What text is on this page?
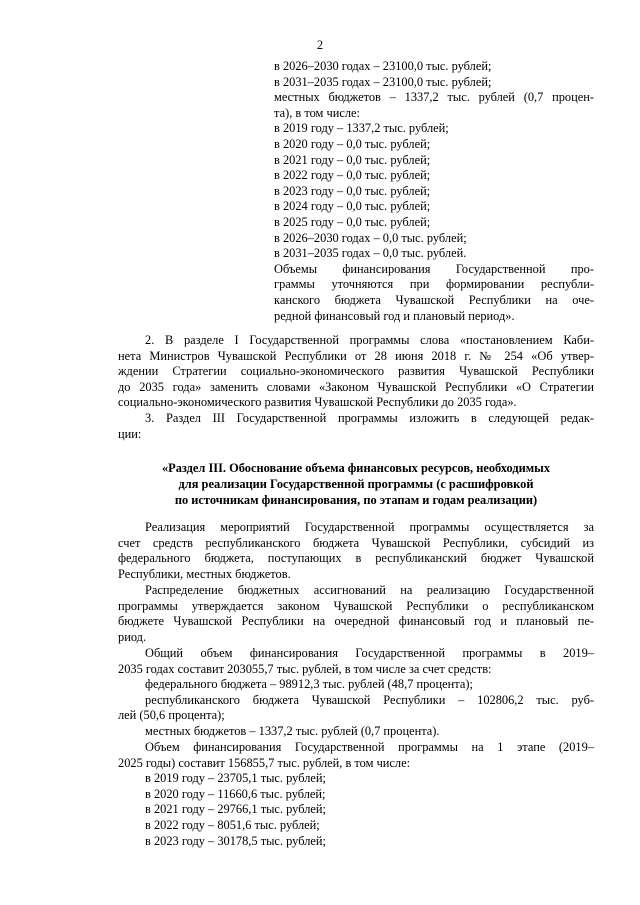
2
в 2026–2030 годах – 23100,0 тыс. рублей;
в 2031–2035 годах – 23100,0 тыс. рублей;
местных бюджетов – 1337,2 тыс. рублей (0,7 процен-
та), в том числе:
в 2019 году – 1337,2 тыс. рублей;
в 2020 году – 0,0 тыс. рублей;
в 2021 году – 0,0 тыс. рублей;
в 2022 году – 0,0 тыс. рублей;
в 2023 году – 0,0 тыс. рублей;
в 2024 году – 0,0 тыс. рублей;
в 2025 году – 0,0 тыс. рублей;
в 2026–2030 годах – 0,0 тыс. рублей;
в 2031–2035 годах – 0,0 тыс. рублей.
Объемы финансирования Государственной про-
граммы уточняются при формировании республи-
канского бюджета Чувашской Республики на оче-
редной финансовый год и плановый период».
2. В разделе I Государственной программы слова «постановлением Каби-
нета Министров Чувашской Республики от 28 июня 2018 г. № 254 «Об утвер-
ждении Стратегии социально-экономического развития Чувашской Республики
до 2035 года» заменить словами «Законом Чувашской Республики «О Стратегии
социально-экономического развития Чувашской Республики до 2035 года».
3. Раздел III Государственной программы изложить в следующей редак-
ции:
«Раздел III. Обоснование объема финансовых ресурсов, необходимых
для реализации Государственной программы (с расшифровкой
по источникам финансирования, по этапам и годам реализации)
Реализация мероприятий Государственной программы осуществляется за
счет средств республиканского бюджета Чувашской Республики, субсидий из
федерального бюджета, поступающих в республиканский бюджет Чувашской
Республики, местных бюджетов.
Распределение бюджетных ассигнований на реализацию Государственной
программы утверждается законом Чувашской Республики о республиканском
бюджете Чувашской Республики на очередной финансовый год и плановый пе-
риод.
Общий объем финансирования Государственной программы в 2019–
2035 годах составит 203055,7 тыс. рублей, в том числе за счет средств:
федерального бюджета – 98912,3 тыс. рублей (48,7 процента);
республиканского бюджета Чувашской Республики – 102806,2 тыс. руб-
лей (50,6 процента);
местных бюджетов – 1337,2 тыс. рублей (0,7 процента).
Объем финансирования Государственной программы на 1 этапе (2019–
2025 годы) составит 156855,7 тыс. рублей, в том числе:
в 2019 году – 23705,1 тыс. рублей;
в 2020 году – 11660,6 тыс. рублей;
в 2021 году – 29766,1 тыс. рублей;
в 2022 году – 8051,6 тыс. рублей;
в 2023 году – 30178,5 тыс. рублей;
